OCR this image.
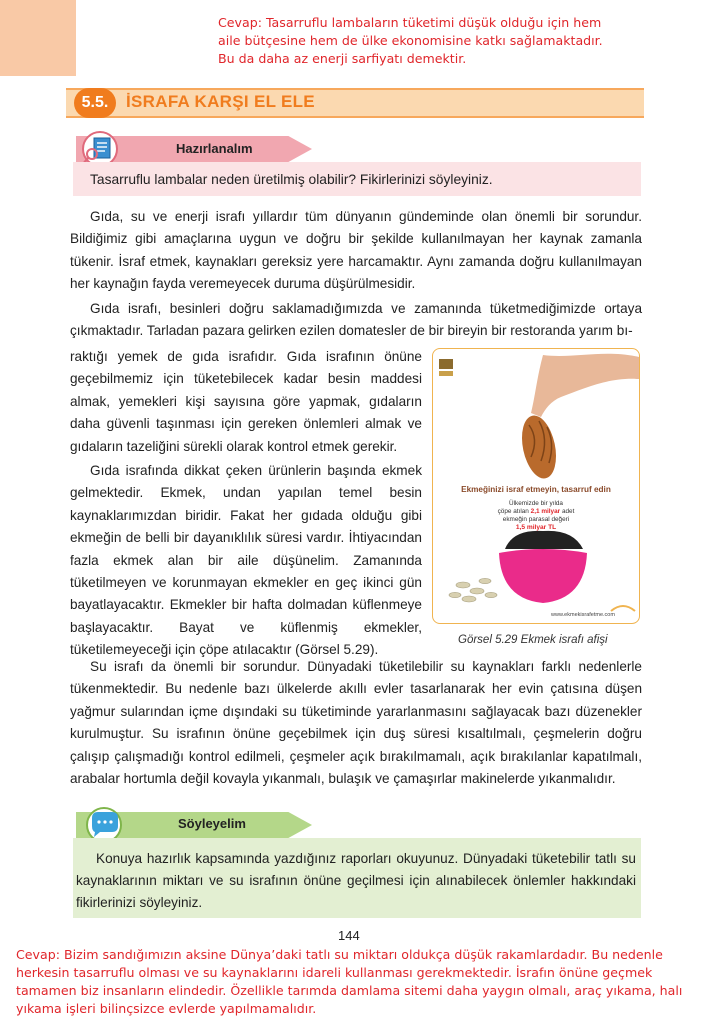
Cevap: Tasarruflu lambaların tüketimi düşük olduğu için hem aile bütçesine hem de ülke ekonomisine katkı sağlamaktadır. Bu da daha az enerji sarfiyatı demektir.
5.5.	İSRAFA KARŞI EL ELE
Hazırlanalım
Tasarruflu lambalar neden üretilmiş olabilir? Fikirlerinizi söyleyiniz.
Gıda, su ve enerji israfı yıllardır tüm dünyanın gündeminde olan önemli bir sorundur. Bildiğimiz gibi amaçlarına uygun ve doğru bir şekilde kullanılmayan her kaynak zamanla tükenir. İsraf etmek, kaynakları gereksiz yere harcamaktır. Aynı zamanda doğru kullanılmayan her kaynağın fayda veremeyecek duruma düşürülmesidir.
Gıda israfı, besinleri doğru saklamadığımızda ve zamanında tüketmediğimizde ortaya çıkmaktadır. Tarladan pazara gelirken ezilen domatesler de bir bireyin bir restoranda yarım bı-
raktığı yemek de gıda israfıdır. Gıda israfının önüne geçebilmemiz için tüketebilecek kadar besin maddesi almak, yemekleri kişi sayısına göre yapmak, gıdaların daha güvenli taşınması için gereken önlemleri almak ve gıdaların tazeliğini sürekli olarak kontrol etmek gerekir.
Gıda israfında dikkat çeken ürünlerin başında ekmek gelmektedir. Ekmek, undan yapılan temel besin kaynaklarımızdan biridir. Fakat her gıdada olduğu gibi ekmeğin de belli bir dayanıklılık süresi vardır. İhtiyacından fazla ekmek alan bir aile düşünelim. Zamanında tüketilmeyen ve korunmayan ekmekler en geç ikinci gün bayatlayacaktır. Ekmekler bir hafta dolmadan küflenmeye başlayacaktır. Bayat ve küflenmiş ekmekler, tüketilemeyeceği için çöpe atılacaktır (Görsel 5.29).
Ekmeğinizi israf etmeyin, tasarruf edin
Ülkemizde bir yılda
çöpe atılan 2,1 milyar adet
ekmeğin parasal değeri
1,5 milyar TL
www.ekmekisrafetme.com
Görsel 5.29 Ekmek israfı afişi
Su israfı da önemli bir sorundur. Dünyadaki tüketilebilir su kaynakları farklı nedenlerle tükenmektedir. Bu nedenle bazı ülkelerde akıllı evler tasarlanarak her evin çatısına düşen yağmur sularından içme dışındaki su tüketiminde yararlanmasını sağlayacak bazı düzenekler kurulmuştur. Su israfının önüne geçebilmek için duş süresi kısaltılmalı, çeşmelerin doğru çalışıp çalışmadığı kontrol edilmeli, çeşmeler açık bırakılmamalı, açık bırakılanlar kapatılmalı, arabalar hortumla değil kovayla yıkanmalı, bulaşık ve çamaşırlar makinelerde yıkanmalıdır.
Söyleyelim
Konuya hazırlık kapsamında yazdığınız raporları okuyunuz. Dünyadaki tüketebilir tatlı su kaynaklarının miktarı ve su israfının önüne geçilmesi için alınabilecek önlemler hakkındaki fikirlerinizi söyleyiniz.
144
Cevap: Bizim sandığımızın aksine Dünya’daki tatlı su miktarı oldukça düşük rakamlardadır. Bu nedenle herkesin tasarruflu olması ve su kaynaklarını idareli kullanması gerekmektedir. İsrafın önüne geçmek tamamen biz insanların elindedir. Özellikle tarımda damlama sitemi daha yaygın olmalı, araç yıkama, halı yıkama işleri bilinçsizce evlerde yapılmamalıdır.
